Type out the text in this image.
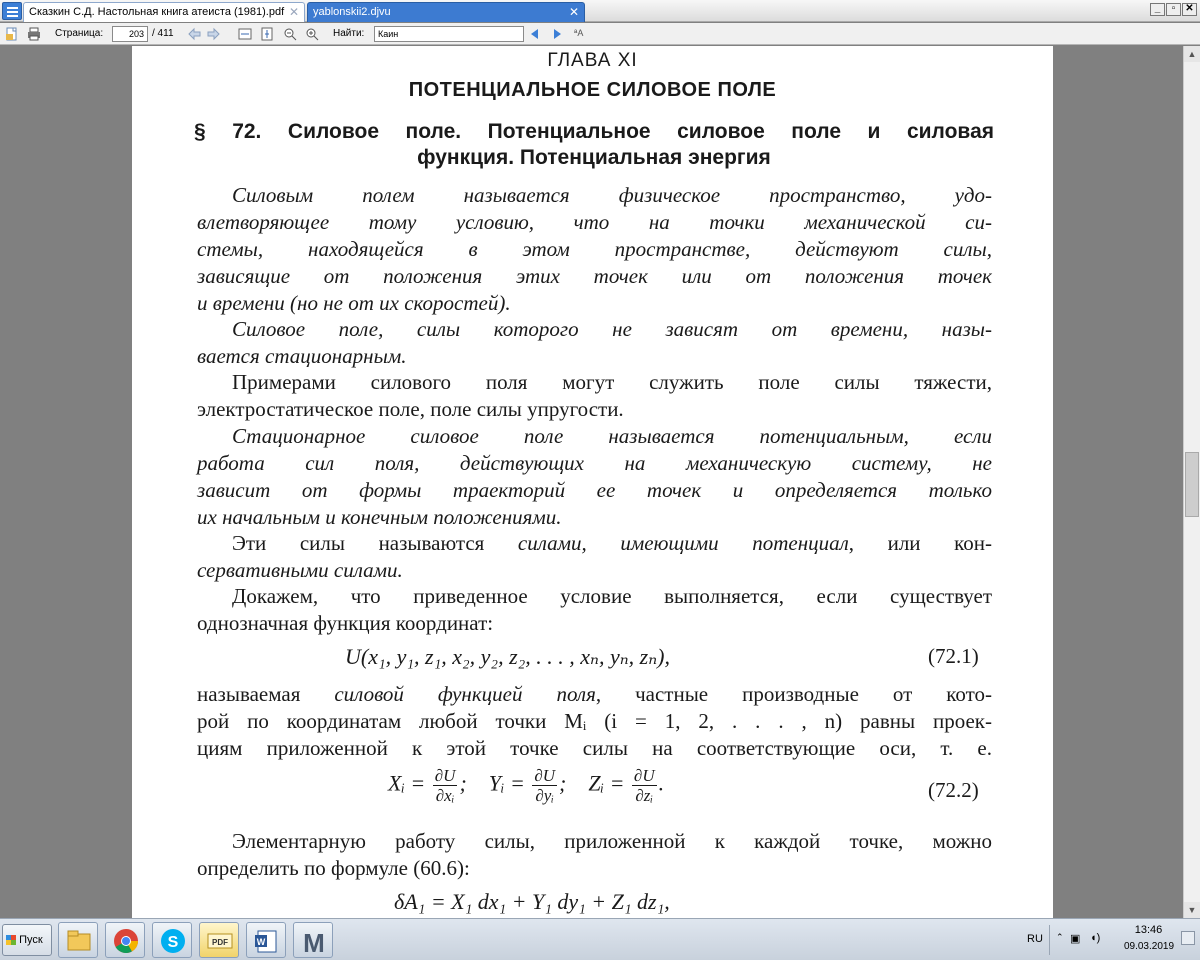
Сказкин С.Д. Настольная книга атеиста (1981).pdf ✕	yablonskii2.djvu	✕	_	▫	✕
Страница:	203 / 411	Найти:	Каин	ªA
ГЛАВА XI
ПОТЕНЦИАЛЬНОЕ СИЛОВОЕ ПОЛЕ
§ 72. Силовое поле. Потенциальное силовое поле и силовая
функция. Потенциальная энергия
Силовым полем называется физическое пространство, удо-
влетворяющее тому условию, что на точки механической си-
стемы, находящейся в этом пространстве, действуют силы,
зависящие от положения этих точек или от положения точек
и времени (но не от их скоростей).
Силовое поле, силы которого не зависят от времени, назы-
вается стационарным.
Примерами силового поля могут служить поле силы тяжести,
электростатическое поле, поле силы упругости.
Стационарное силовое поле называется потенциальным, если
работа сил поля, действующих на механическую систему, не
зависит от формы траекторий ее точек и определяется только
их начальным и конечным положениями.
Эти силы называются силами, имеющими потенциал, или кон-
сервативными силами.
Докажем, что приведенное условие выполняется, если существует
однозначная функция координат:
U(x₁, y₁, z₁, x₂, y₂, z₂, . . . , xₙ, yₙ, zₙ),	(72.1)
называемая силовой функцией поля, частные производные от кото-
рой по координатам любой точки Mᵢ (i = 1, 2, . . . , n) равны проек-
циям приложенной к этой точке силы на соответствующие оси, т. е.
Xᵢ = $\frac{\partial U}{\text{∂xᵢ}}$ ; Yᵢ = $\frac{\partial U}{\text{∂yᵢ}}$ ; Zᵢ = $\frac{\partial U}{\text{∂zᵢ}}$ .	(72.2)
Элементарную работу силы, приложенной к каждой точке, можно
определить по формуле (60.6):
δA₁ = X₁ dx₁ + Y₁ dy₁ + Z₁ dz₁,
▲
▼
Пуск	S	PDF	W M	RU ⌃ ▣ ◖)
13:46
09.03.2019
